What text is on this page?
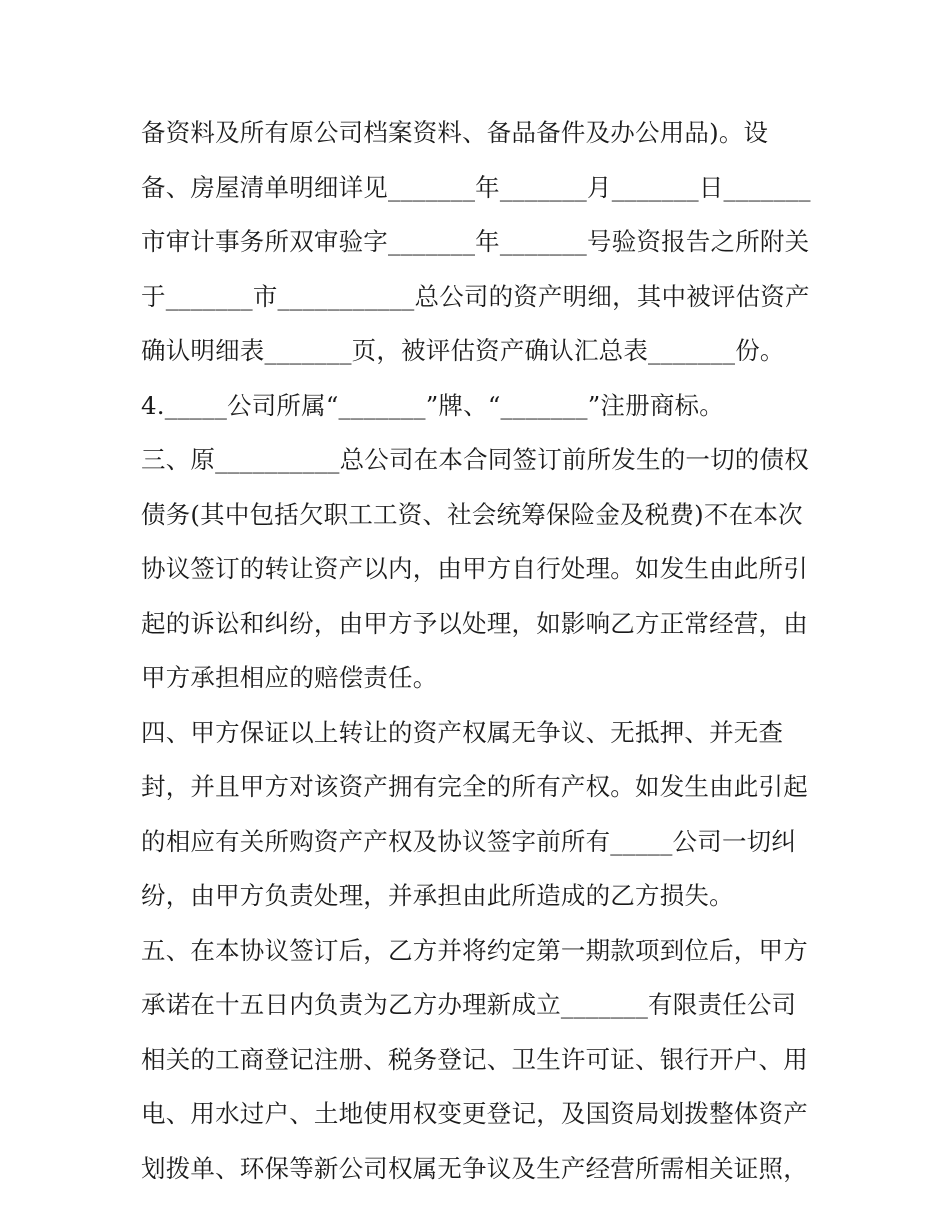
备资料及所有原公司档案资料、备品备件及办公用品)。设
备、房屋清单明细详见_______年_______月_______日_______
市审计事务所双审验字_______年_______号验资报告之所附关
于_______市___________总公司的资产明细，其中被评估资产
确认明细表_______页，被评估资产确认汇总表_______份。
4._____公司所属“_______”牌、“_______”注册商标。
三、原__________总公司在本合同签订前所发生的一切的债权
债务(其中包括欠职工工资、社会统筹保险金及税费)不在本次
协议签订的转让资产以内，由甲方自行处理。如发生由此所引
起的诉讼和纠纷，由甲方予以处理，如影响乙方正常经营，由
甲方承担相应的赔偿责任。
四、甲方保证以上转让的资产权属无争议、无抵押、并无查
封，并且甲方对该资产拥有完全的所有产权。如发生由此引起
的相应有关所购资产产权及协议签字前所有_____公司一切纠
纷，由甲方负责处理，并承担由此所造成的乙方损失。
五、在本协议签订后，乙方并将约定第一期款项到位后，甲方
承诺在十五日内负责为乙方办理新成立_______有限责任公司
相关的工商登记注册、税务登记、卫生许可证、银行开户、用
电、用水过户、土地使用权变更登记，及国资局划拨整体资产
划拨单、环保等新公司权属无争议及生产经营所需相关证照，
